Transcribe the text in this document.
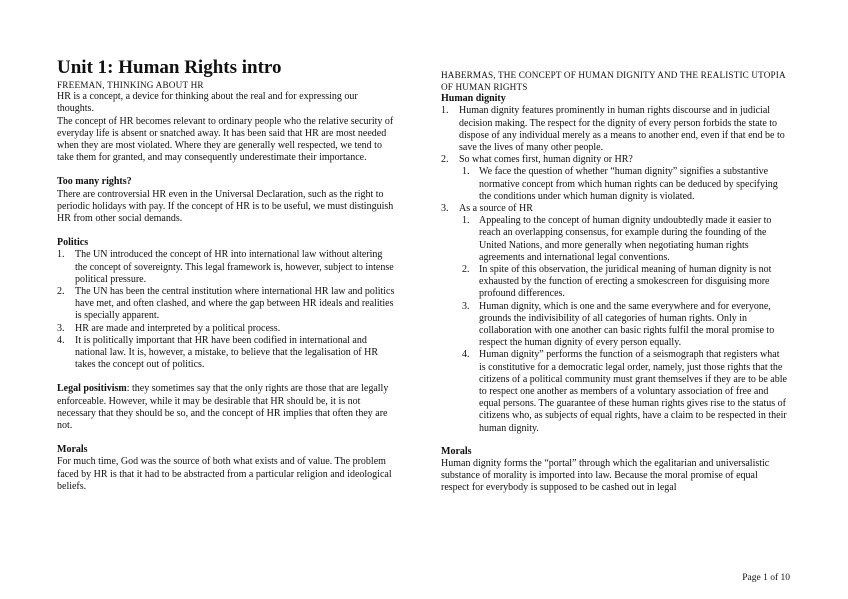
Unit 1: Human Rights intro

FREEMAN, THINKING ABOUT HR

HR is a concept, a device for thinking about the real and for expressing our thoughts.

The concept of HR becomes relevant to ordinary people who the relative security of everyday life is absent or snatched away. It has been said that HR are most needed when they are most violated. Where they are generally well respected, we tend to take them for granted, and may consequently underestimate their importance.

Too many rights?

There are controversial HR even in the Universal Declaration, such as the right to periodic holidays with pay. If the concept of HR is to be useful, we must distinguish HR from other social demands.

Politics

1. The UN introduced the concept of HR into international law without altering the concept of sovereignty. This legal framework is, however, subject to intense political pressure.
2. The UN has been the central institution where international HR law and politics have met, and often clashed, and where the gap between HR ideals and realities is specially apparent.
3. HR are made and interpreted by a political process.
4. It is politically important that HR have been codified in international and national law. It is, however, a mistake, to believe that the legalisation of HR takes the concept out of politics.

Legal positivism: they sometimes say that the only rights are those that are legally enforceable. However, while it may be desirable that HR should be, it is not necessary that they should be so, and the concept of HR implies that often they are not.

Morals

For much time, God was the source of both what exists and of value. The problem faced by HR is that it had to be abstracted from a particular religion and ideological beliefs.

HABERMAS, THE CONCEPT OF HUMAN DIGNITY AND THE REALISTIC UTOPIA OF HUMAN RIGHTS

Human dignity

1. Human dignity features prominently in human rights discourse and in judicial decision making. The respect for the dignity of every person forbids the state to dispose of any individual merely as a means to another end, even if that end be to save the lives of many other people.
2. So what comes first, human dignity or HR?
1. We face the question of whether “human dignity” signifies a substantive normative concept from which human rights can be deduced by specifying the conditions under which human dignity is violated.
3. As a source of HR
1. Appealing to the concept of human dignity undoubtedly made it easier to reach an overlapping consensus, for example during the founding of the United Nations, and more generally when negotiating human rights agreements and international legal conventions.
2. In spite of this observation, the juridical meaning of human dignity is not exhausted by the function of erecting a smokescreen for disguising more profound differences.
3. Human dignity, which is one and the same everywhere and for everyone, grounds the indivisibility of all categories of human rights. Only in collaboration with one another can basic rights fulfil the moral promise to respect the human dignity of every person equally.
4. Human dignity” performs the function of a seismograph that registers what is constitutive for a democratic legal order, namely, just those rights that the citizens of a political community must grant themselves if they are to be able to respect one another as members of a voluntary association of free and equal persons. The guarantee of these human rights gives rise to the status of citizens who, as subjects of equal rights, have a claim to be respected in their human dignity.

Morals

Human dignity forms the “portal” through which the egalitarian and universalistic substance of morality is imported into law. Because the moral promise of equal respect for everybody is supposed to be cashed out in legal

Page 1 of 10
